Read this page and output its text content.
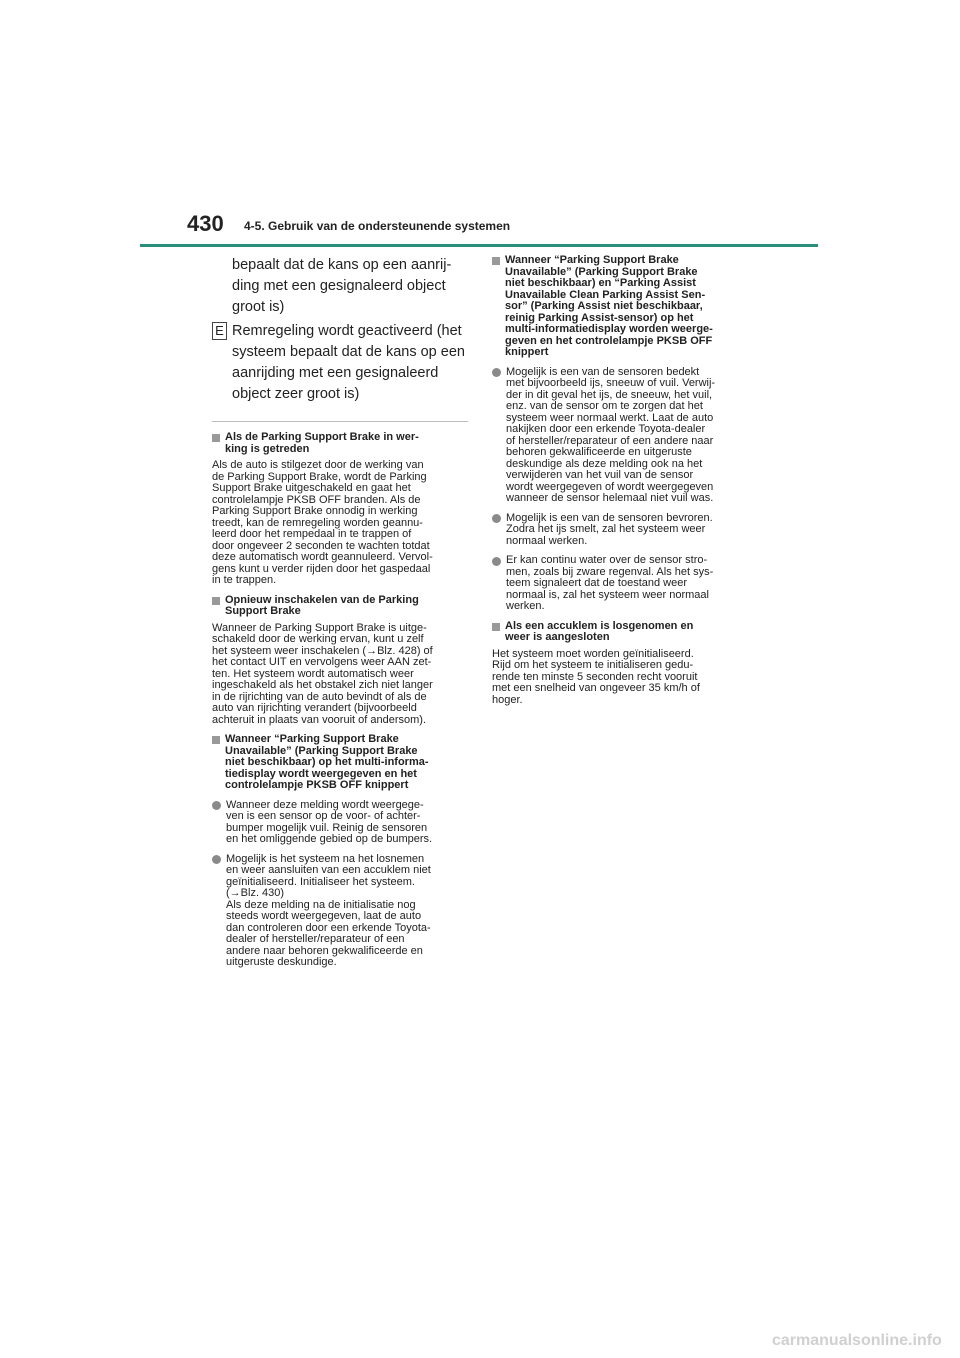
430 4-5. Gebruik van de ondersteunende systemen
bepaalt dat de kans op een aanrij-
ding met een gesignaleerd object
groot is)
E Remregeling wordt geactiveerd (het
systeem bepaalt dat de kans op een
aanrijding met een gesignaleerd
object zeer groot is)
Als de Parking Support Brake in wer-
king is getreden
Als de auto is stilgezet door de werking van
de Parking Support Brake, wordt de Parking
Support Brake uitgeschakeld en gaat het
controlelampje PKSB OFF branden. Als de
Parking Support Brake onnodig in werking
treedt, kan de remregeling worden geannu-
leerd door het rempedaal in te trappen of
door ongeveer 2 seconden te wachten totdat
deze automatisch wordt geannuleerd. Vervol-
gens kunt u verder rijden door het gaspedaal
in te trappen.
Opnieuw inschakelen van de Parking
Support Brake
Wanneer de Parking Support Brake is uitge-
schakeld door de werking ervan, kunt u zelf
het systeem weer inschakelen (→Blz. 428) of
het contact UIT en vervolgens weer AAN zet-
ten. Het systeem wordt automatisch weer
ingeschakeld als het obstakel zich niet langer
in de rijrichting van de auto bevindt of als de
auto van rijrichting verandert (bijvoorbeeld
achteruit in plaats van vooruit of andersom).
Wanneer “Parking Support Brake
Unavailable” (Parking Support Brake
niet beschikbaar) op het multi-informa-
tiedisplay wordt weergegeven en het
controlelampje PKSB OFF knippert
Wanneer deze melding wordt weergege-
ven is een sensor op de voor- of achter-
bumper mogelijk vuil. Reinig de sensoren
en het omliggende gebied op de bumpers.
Mogelijk is het systeem na het losnemen
en weer aansluiten van een accuklem niet
geïnitialiseerd. Initialiseer het systeem.
(→Blz. 430)
Als deze melding na de initialisatie nog
steeds wordt weergegeven, laat de auto
dan controleren door een erkende Toyota-
dealer of hersteller/reparateur of een
andere naar behoren gekwalificeerde en
uitgeruste deskundige.
Wanneer “Parking Support Brake
Unavailable” (Parking Support Brake
niet beschikbaar) en “Parking Assist
Unavailable Clean Parking Assist Sen-
sor” (Parking Assist niet beschikbaar,
reinig Parking Assist-sensor) op het
multi-informatiedisplay worden weerge-
geven en het controlelampje PKSB OFF
knippert
Mogelijk is een van de sensoren bedekt
met bijvoorbeeld ijs, sneeuw of vuil. Verwij-
der in dit geval het ijs, de sneeuw, het vuil,
enz. van de sensor om te zorgen dat het
systeem weer normaal werkt. Laat de auto
nakijken door een erkende Toyota-dealer
of hersteller/reparateur of een andere naar
behoren gekwalificeerde en uitgeruste
deskundige als deze melding ook na het
verwijderen van het vuil van de sensor
wordt weergegeven of wordt weergegeven
wanneer de sensor helemaal niet vuil was.
Mogelijk is een van de sensoren bevroren.
Zodra het ijs smelt, zal het systeem weer
normaal werken.
Er kan continu water over de sensor stro-
men, zoals bij zware regenval. Als het sys-
teem signaleert dat de toestand weer
normaal is, zal het systeem weer normaal
werken.
Als een accuklem is losgenomen en
weer is aangesloten
Het systeem moet worden geïnitialiseerd.
Rijd om het systeem te initialiseren gedu-
rende ten minste 5 seconden recht vooruit
met een snelheid van ongeveer 35 km/h of
hoger.
carmanualsonline.info
